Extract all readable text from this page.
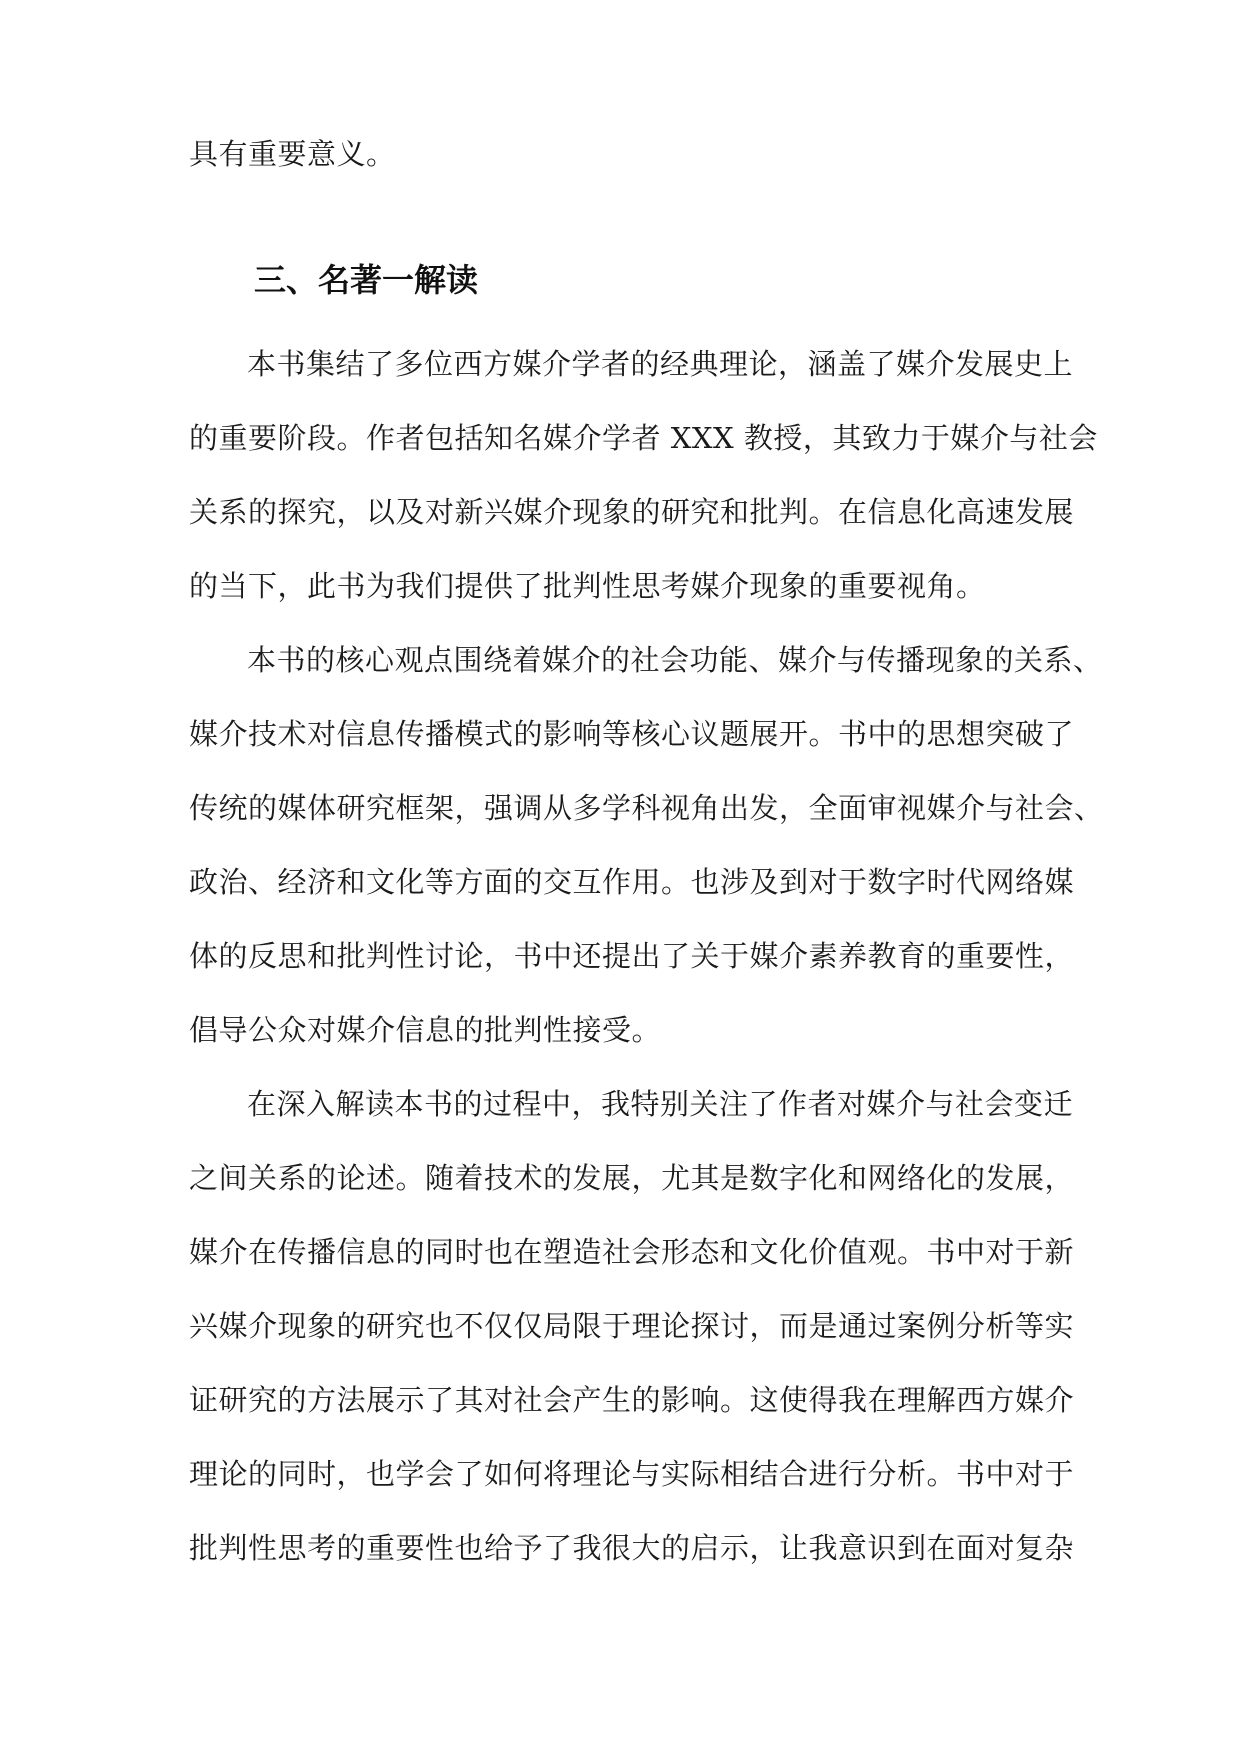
具有重要意义。
三、名著一解读
本书集结了多位西方媒介学者的经典理论，涵盖了媒介发展史上
的重要阶段。作者包括知名媒介学者 XXX 教授，其致力于媒介与社会
关系的探究，以及对新兴媒介现象的研究和批判。在信息化高速发展
的当下，此书为我们提供了批判性思考媒介现象的重要视角。
本书的核心观点围绕着媒介的社会功能、媒介与传播现象的关系、
媒介技术对信息传播模式的影响等核心议题展开。书中的思想突破了
传统的媒体研究框架，强调从多学科视角出发，全面审视媒介与社会、
政治、经济和文化等方面的交互作用。也涉及到对于数字时代网络媒
体的反思和批判性讨论，书中还提出了关于媒介素养教育的重要性，
倡导公众对媒介信息的批判性接受。
在深入解读本书的过程中，我特别关注了作者对媒介与社会变迁
之间关系的论述。随着技术的发展，尤其是数字化和网络化的发展，
媒介在传播信息的同时也在塑造社会形态和文化价值观。书中对于新
兴媒介现象的研究也不仅仅局限于理论探讨，而是通过案例分析等实
证研究的方法展示了其对社会产生的影响。这使得我在理解西方媒介
理论的同时，也学会了如何将理论与实际相结合进行分析。书中对于
批判性思考的重要性也给予了我很大的启示，让我意识到在面对复杂
